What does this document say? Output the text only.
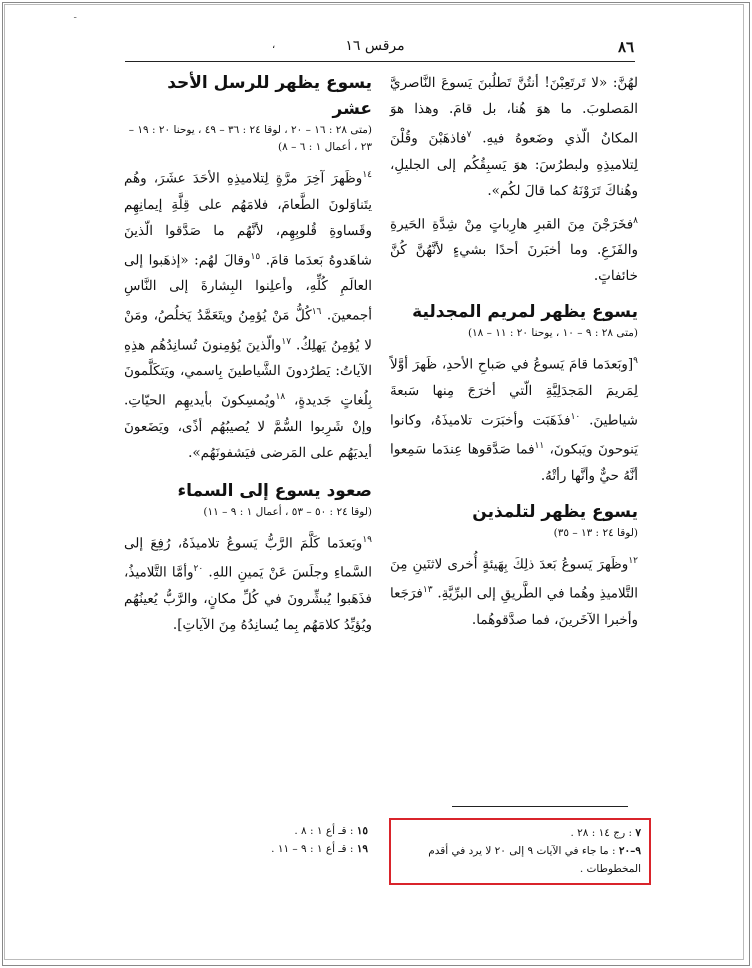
ـ
٨٦
مرقس ١٦
،

لهُنَّ: «لا تَرتَعِبْنَ! أنتُنَّ تَطلُبنَ يَسوعَ النَّاصريَّ المَصلوبَ. ما هوَ هُنا، بل قامَ. وهذا هوَ المكانُ الّذي وضَعوهُ فيهِ. $^٧$فاذهَبْنَ وقُلْنَ لِتلاميذِهِ ولبطرُسَ: هوَ يَسبِقُكُم إلى الجليلِ، وهُناكَ تَرَوْنَهُ كما قالَ لكُم».

$^٨$فخَرَجْنَ مِنَ القبرِ هارِباتٍ مِنْ شِدَّةِ الحَيرةِ والفَزَعِ. وما أخبَرنَ أحدًا بشيءٍ لأنَّهُنَّ كُنَّ خائفاتٍ.

يسوع يظهر لمريم المجدلية
(متى ٢٨ : ٩ – ١٠ ، يوحنا ٢٠ : ١١ – ١٨)

$^٩$[وبَعدَما قامَ يَسوعُ في صَباحِ الأحدِ، ظَهرَ أوَّلاً لِمَريمَ المَجدَلِيَّةِ الّتي أخرَجَ مِنها سَبعةَ شياطينَ. $^{١٠}$فذَهَبَت وأخبَرَت تلاميذَهُ، وكانوا يَنوحونَ ويَبكونَ، $^{١١}$فما صَدَّقوها عِندَما سَمِعوا أنَّهُ حيٌّ وأنَّها رأتْهُ.

يسوع يظهر لتلمذين
(لوقا ٢٤ : ١٣ – ٣٥)

$^{١٢}$وظَهرَ يَسوعُ بَعدَ ذلِكَ بِهَيئةٍ أُخرى لاثنَينِ مِنَ التَّلاميذِ وهُما في الطَّريقِ إلى البرِّيَّةِ. $^{١٣}$فرَجَعا وأخبرا الآخَرينَ، فما صدَّقوهُما.

يسوع يظهر للرسل الأحد عشر
(متى ٢٨ : ١٦ – ٢٠ ، لوقا ٢٤ : ٣٦ – ٤٩ ، يوحنا ٢٠ : ١٩ – ٢٣ ، أعمال ١ : ٦ – ٨)

$^{١٤}$وظَهرَ آخِرَ مرَّةٍ لِتلاميذِهِ الأحَدَ عشَرَ، وهُم يتَناوَلونَ الطَّعامَ، فلامَهُم على قِلَّةِ إيمانِهِم وقَساوةِ قُلوبِهِم، لأنَّهُم ما صَدَّقوا الّذينَ شاهَدوهُ بَعدَما قامَ. $^{١٥}$وقالَ لهُم: «إذهَبوا إلى العالَمِ كُلِّهِ، وأعلِنوا البِشارةَ إلى النَّاسِ أجمعينَ. $^{١٦}$كُلُّ مَنْ يُؤمِنُ ويتَعَمَّدُ يَخلُصُ، ومَنْ لا يُؤمِنُ يَهلِكُ. $^{١٧}$والّذينَ يُؤمِنونَ تُسانِدُهُم هذِهِ الآياتُ: يَطرُدونَ الشَّياطينَ بِاسمي، ويَتكَلَّمونَ بِلُغاتٍ جَديدةٍ، $^{١٨}$ويُمسِكونَ بأيديهِم الحيّاتِ. وإنْ شَرِبوا السُّمَّ لا يُصيبُهُم أذًى، ويَضَعونَ أيديَهُم على المَرضى فيَشفونَهُم».

صعود يسوع إلى السماء
(لوقا ٢٤ : ٥٠ – ٥٣ ، أعمال ١ : ٩ – ١١)

$^{١٩}$وبَعدَما كَلَّمَ الرَّبُّ يَسوعُ تلاميذَهُ، رُفِعَ إلى السَّماءِ وجلَسَ عَنْ يَمينِ اللهِ. $^{٢٠}$وأمَّا التَّلاميذُ، فذَهَبوا يُبشِّرونَ في كُلِّ مكانٍ، والرَّبُّ يُعينُهُم ويُؤيِّدُ كلامَهُم بِما يُسانِدُهُ مِنَ الآياتِ].

٧ : رج ١٤ : ٢٨ .
٩–٢٠ : ما جاء في الآيات ٩ إلى ٢٠ لا يرد في أقدم المخطوطات .
١٥ : قـ أع ١ : ٨ .
١٩ : قـ أع ١ : ٩ – ١١ .
